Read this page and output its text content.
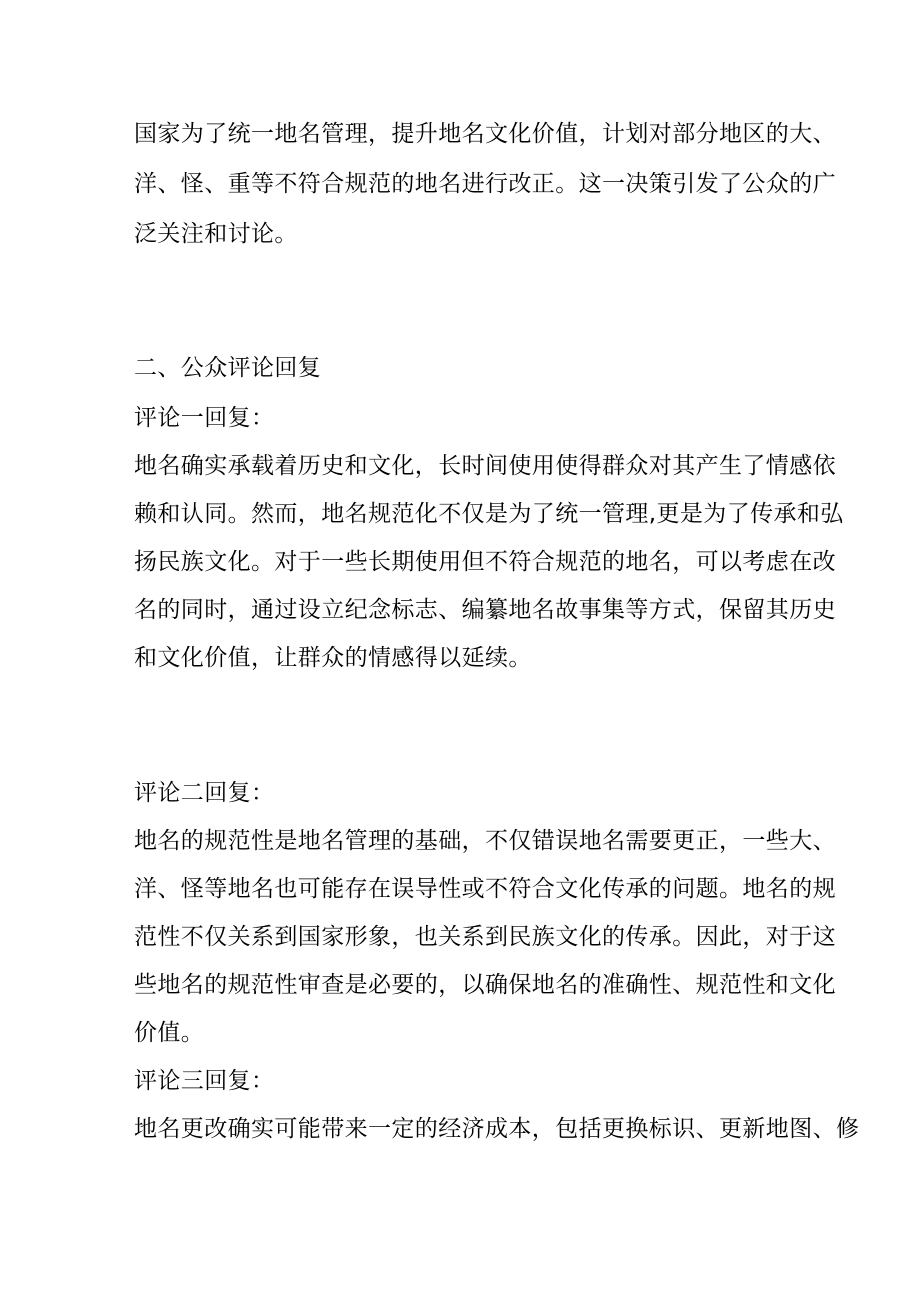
国家为了统一地名管理，提升地名文化价值，计划对部分地区的大、
洋、怪、重等不符合规范的地名进行改正。这一决策引发了公众的广
泛关注和讨论。
二、公众评论回复
评论一回复：
地名确实承载着历史和文化，长时间使用使得群众对其产生了情感依
赖和认同。然而，地名规范化不仅是为了统一管理,更是为了传承和弘
扬民族文化。对于一些长期使用但不符合规范的地名，可以考虑在改
名的同时，通过设立纪念标志、编纂地名故事集等方式，保留其历史
和文化价值，让群众的情感得以延续。
评论二回复：
地名的规范性是地名管理的基础，不仅错误地名需要更正，一些大、
洋、怪等地名也可能存在误导性或不符合文化传承的问题。地名的规
范性不仅关系到国家形象，也关系到民族文化的传承。因此，对于这
些地名的规范性审查是必要的，以确保地名的准确性、规范性和文化
价值。
评论三回复：
地名更改确实可能带来一定的经济成本，包括更换标识、更新地图、修
